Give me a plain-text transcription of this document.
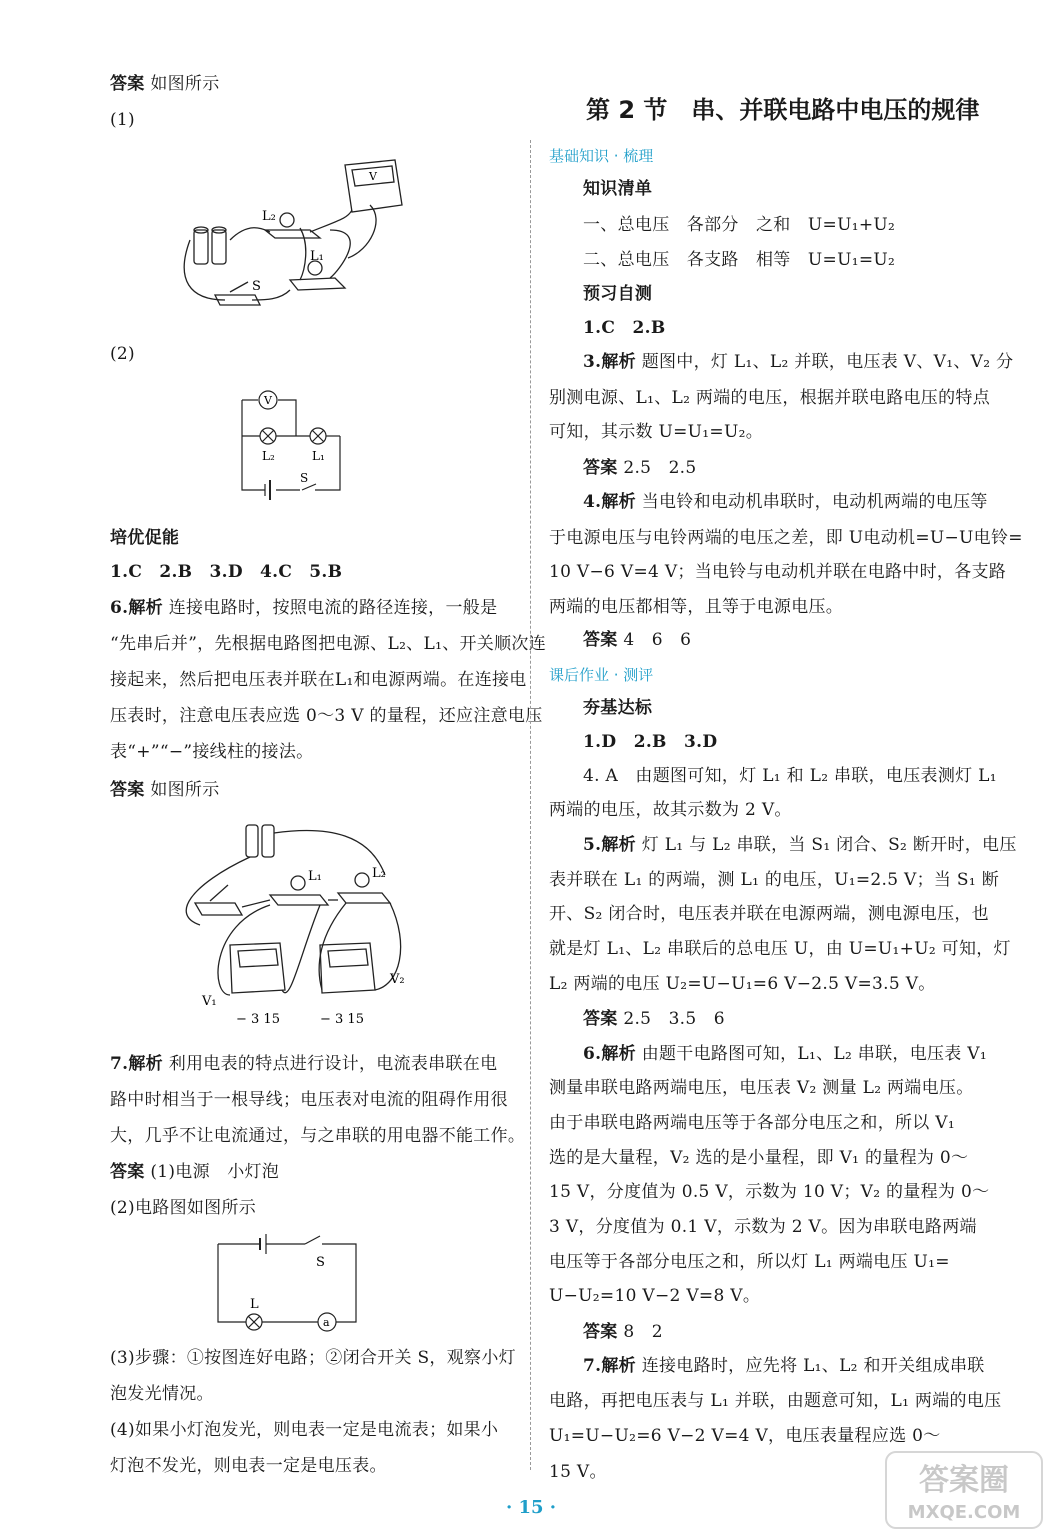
答案 如图所示
(1)
L₂
L₁
S
V
(2)
V
L₂	L₁
S
培优促能
1.C 2.B 3.D 4.C 5.B
6.解析 连接电路时，按照电流的路径连接，一般是
“先串后并”，先根据电路图把电源、L₂、L₁、开关顺次连
接起来，然后把电压表并联在L₁和电源两端。在连接电
压表时，注意电压表应选 0～3 V 的量程，还应注意电压
表“+”“−”接线柱的接法。
答案 如图所示
L₁	L₂
V₁
V₂
− 3 15	− 3 15
7.解析 利用电表的特点进行设计，电流表串联在电
路中时相当于一根导线；电压表对电流的阻碍作用很
大，几乎不让电流通过，与之串联的用电器不能工作。
答案 (1)电源　小灯泡
(2)电路图如图所示
S
L
a
(3)步骤：①按图连好电路；②闭合开关 S，观察小灯
泡发光情况。
(4)如果小灯泡发光，则电表一定是电流表；如果小
灯泡不发光，则电表一定是电压表。
第 2 节　串、并联电路中电压的规律
基础知识 · 梳理
知识清单
一、总电压　各部分　之和　U=U₁+U₂
二、总电压　各支路　相等　U=U₁=U₂
预习自测
1.C　2.B
3.解析 题图中，灯 L₁、L₂ 并联，电压表 V、V₁、V₂ 分
别测电源、L₁、L₂ 两端的电压，根据并联电路电压的特点
可知，其示数 U=U₁=U₂。
答案 2.5　2.5
4.解析 当电铃和电动机串联时，电动机两端的电压等
于电源电压与电铃两端的电压之差，即 U电动机=U−U电铃=
10 V−6 V=4 V；当电铃与电动机并联在电路中时，各支路
两端的电压都相等，且等于电源电压。
答案 4　6　6
课后作业 · 测评
夯基达标
1.D　2.B　3.D
4. A　由题图可知，灯 L₁ 和 L₂ 串联，电压表测灯 L₁
两端的电压，故其示数为 2 V。
5.解析 灯 L₁ 与 L₂ 串联，当 S₁ 闭合、S₂ 断开时，电压
表并联在 L₁ 的两端，测 L₁ 的电压，U₁=2.5 V；当 S₁ 断
开、S₂ 闭合时，电压表并联在电源两端，测电源电压，也
就是灯 L₁、L₂ 串联后的总电压 U，由 U=U₁+U₂ 可知，灯
L₂ 两端的电压 U₂=U−U₁=6 V−2.5 V=3.5 V。
答案 2.5　3.5　6
6.解析 由题干电路图可知，L₁、L₂ 串联，电压表 V₁
测量串联电路两端电压，电压表 V₂ 测量 L₂ 两端电压。
由于串联电路两端电压等于各部分电压之和，所以 V₁
选的是大量程，V₂ 选的是小量程，即 V₁ 的量程为 0～
15 V，分度值为 0.5 V，示数为 10 V；V₂ 的量程为 0～
3 V，分度值为 0.1 V，示数为 2 V。因为串联电路两端
电压等于各部分电压之和，所以灯 L₁ 两端电压 U₁=
U−U₂=10 V−2 V=8 V。
答案 8　2
7.解析 连接电路时，应先将 L₁、L₂ 和开关组成串联
电路，再把电压表与 L₁ 并联，由题意可知，L₁ 两端的电压
U₁=U−U₂=6 V−2 V=4 V，电压表量程应选 0～
15 V。
· 15 ·
答案圈
MXQE.COM
